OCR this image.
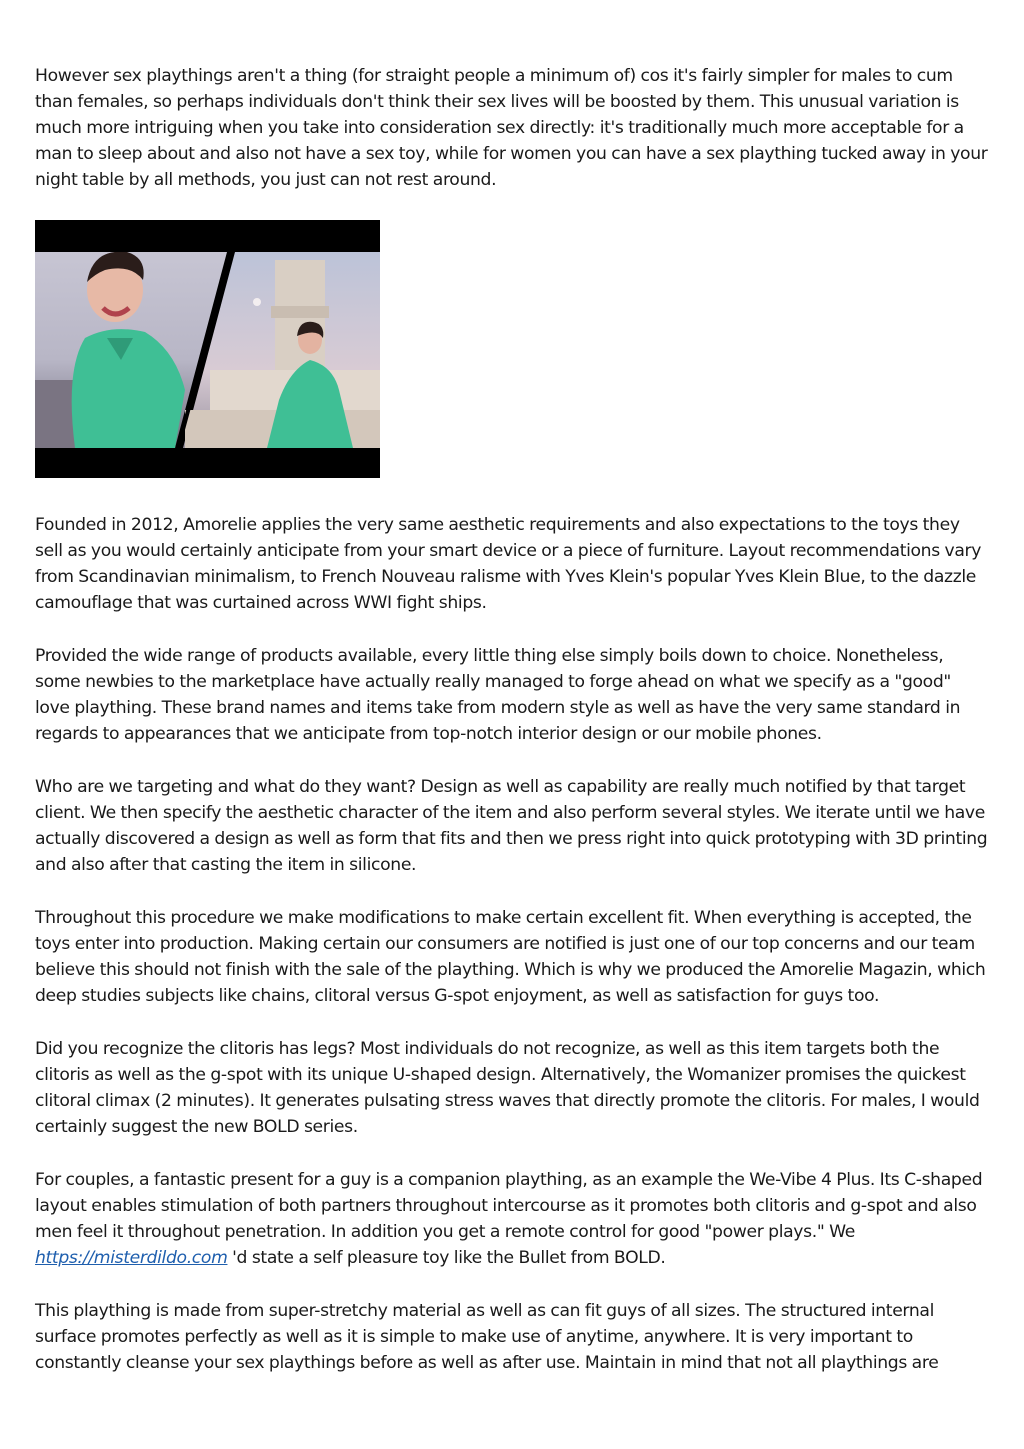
However sex playthings aren't a thing (for straight people a minimum of) cos it's fairly simpler for males to cum than females, so perhaps individuals don't think their sex lives will be boosted by them. This unusual variation is much more intriguing when you take into consideration sex directly: it's traditionally much more acceptable for a man to sleep about and also not have a sex toy, while for women you can have a sex plaything tucked away in your night table by all methods, you just can not rest around.

Founded in 2012, Amorelie applies the very same aesthetic requirements and also expectations to the toys they sell as you would certainly anticipate from your smart device or a piece of furniture. Layout recommendations vary from Scandinavian minimalism, to French Nouveau ralisme with Yves Klein's popular Yves Klein Blue, to the dazzle camouflage that was curtained across WWI fight ships.

Provided the wide range of products available, every little thing else simply boils down to choice. Nonetheless, some newbies to the marketplace have actually really managed to forge ahead on what we specify as a "good" love plaything. These brand names and items take from modern style as well as have the very same standard in regards to appearances that we anticipate from top-notch interior design or our mobile phones.

Who are we targeting and what do they want? Design as well as capability are really much notified by that target client. We then specify the aesthetic character of the item and also perform several styles. We iterate until we have actually discovered a design as well as form that fits and then we press right into quick prototyping with 3D printing and also after that casting the item in silicone.

Throughout this procedure we make modifications to make certain excellent fit. When everything is accepted, the toys enter into production. Making certain our consumers are notified is just one of our top concerns and our team believe this should not finish with the sale of the plaything. Which is why we produced the Amorelie Magazin, which deep studies subjects like chains, clitoral versus G-spot enjoyment, as well as satisfaction for guys too.

Did you recognize the clitoris has legs? Most individuals do not recognize, as well as this item targets both the clitoris as well as the g-spot with its unique U-shaped design. Alternatively, the Womanizer promises the quickest clitoral climax (2 minutes). It generates pulsating stress waves that directly promote the clitoris. For males, I would certainly suggest the new BOLD series.

For couples, a fantastic present for a guy is a companion plaything, as an example the We-Vibe 4 Plus. Its C-shaped layout enables stimulation of both partners throughout intercourse as it promotes both clitoris and g-spot and also men feel it throughout penetration. In addition you get a remote control for good "power plays." We https://misterdildo.com 'd state a self pleasure toy like the Bullet from BOLD.

This plaything is made from super-stretchy material as well as can fit guys of all sizes. The structured internal surface promotes perfectly as well as it is simple to make use of anytime, anywhere. It is very important to constantly cleanse your sex playthings before as well as after use. Maintain in mind that not all playthings are
